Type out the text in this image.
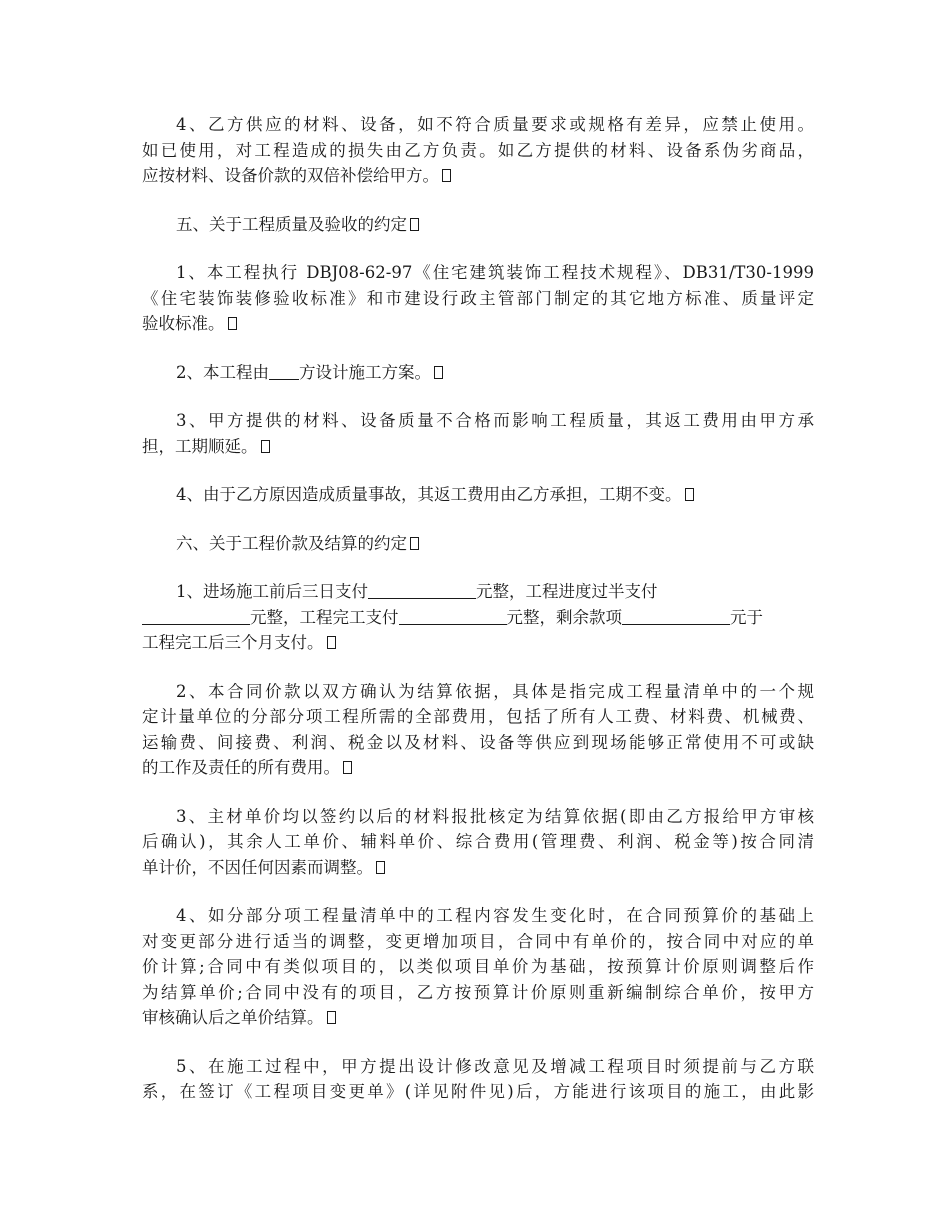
4、乙方供应的材料、设备，如不符合质量要求或规格有差异，应禁止使用。
如已使用，对工程造成的损失由乙方负责。如乙方提供的材料、设备系伪劣商品，
应按材料、设备价款的双倍补偿给甲方。
五、关于工程质量及验收的约定
1、本工程执行 DBJ08-62-97《住宅建筑装饰工程技术规程》、DB31/T30-1999
《住宅装饰装修验收标准》和市建设行政主管部门制定的其它地方标准、质量评定
验收标准。
2、本工程由 方设计施工方案。
3、甲方提供的材料、设备质量不合格而影响工程质量，其返工费用由甲方承
担，工期顺延。
4、由于乙方原因造成质量事故，其返工费用由乙方承担，工期不变。
六、关于工程价款及结算的约定
1、进场施工前后三日支付	元整，工程进度过半支付
元整，工程完工支付	元整，剩余款项	元于
工程完工后三个月支付。
2、本合同价款以双方确认为结算依据，具体是指完成工程量清单中的一个规
定计量单位的分部分项工程所需的全部费用，包括了所有人工费、材料费、机械费、
运输费、间接费、利润、税金以及材料、设备等供应到现场能够正常使用不可或缺
的工作及责任的所有费用。
3、主材单价均以签约以后的材料报批核定为结算依据(即由乙方报给甲方审核
后确认)，其余人工单价、辅料单价、综合费用(管理费、利润、税金等)按合同清
单计价，不因任何因素而调整。
4、如分部分项工程量清单中的工程内容发生变化时，在合同预算价的基础上
对变更部分进行适当的调整，变更增加项目，合同中有单价的，按合同中对应的单
价计算;合同中有类似项目的，以类似项目单价为基础，按预算计价原则调整后作
为结算单价;合同中没有的项目，乙方按预算计价原则重新编制综合单价，按甲方
审核确认后之单价结算。
5、在施工过程中，甲方提出设计修改意见及增减工程项目时须提前与乙方联
系，在签订《工程项目变更单》(详见附件见)后，方能进行该项目的施工，由此影
